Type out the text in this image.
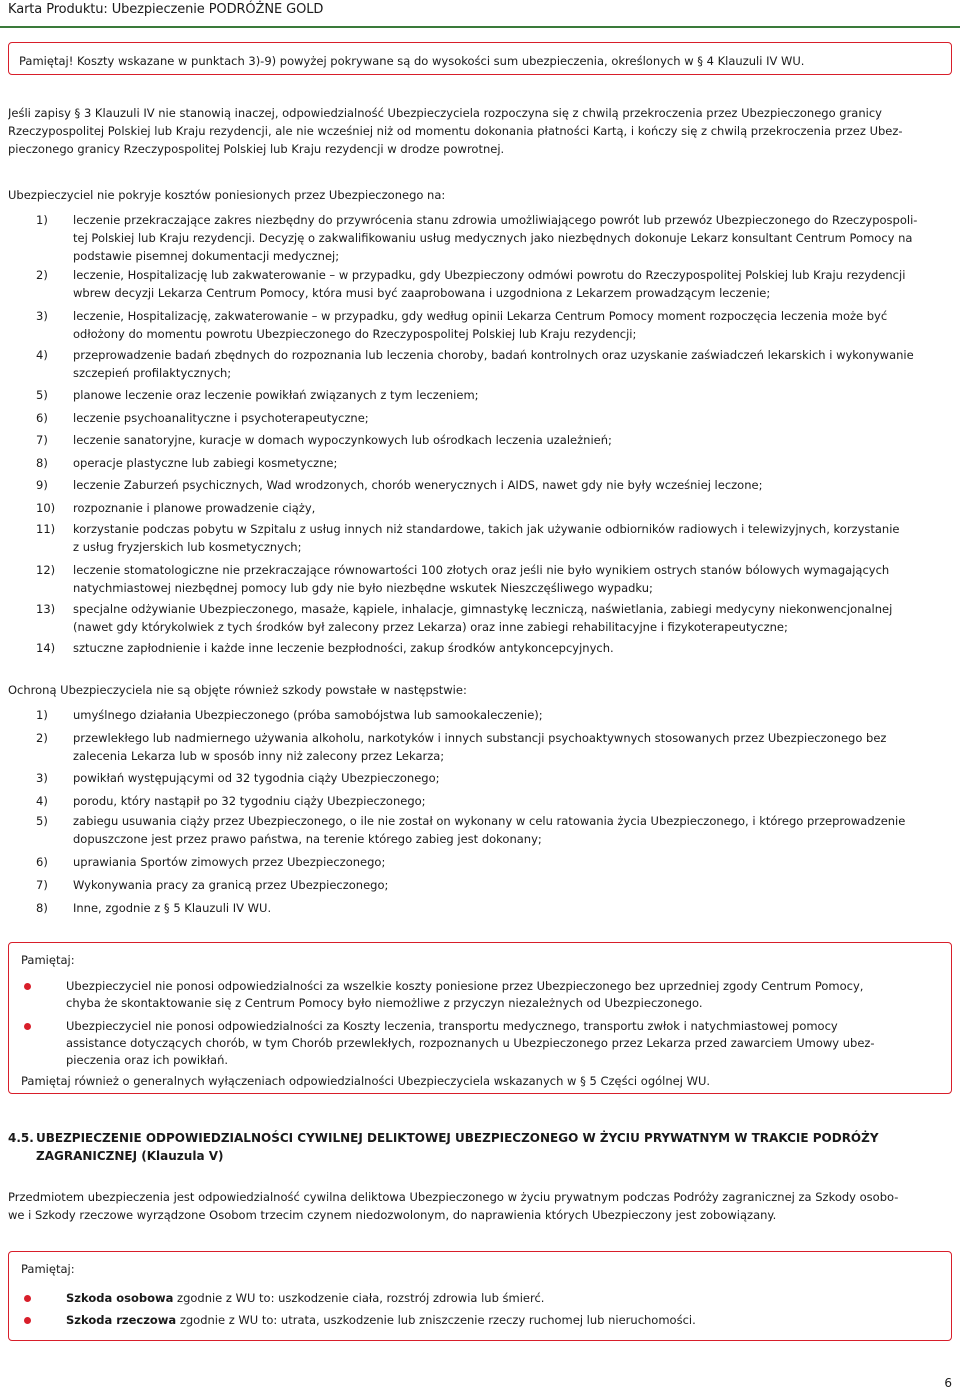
Karta Produktu: Ubezpieczenie PODRÓŻNE GOLD
Pamiętaj! Koszty wskazane w punktach 3)-9) powyżej pokrywane są do wysokości sum ubezpieczenia, określonych w § 4 Klauzuli IV WU.
Jeśli zapisy § 3 Klauzuli IV nie stanowią inaczej, odpowiedzialność Ubezpieczyciela rozpoczyna się z chwilą przekroczenia przez Ubezpieczonego granicy
Rzeczypospolitej Polskiej lub Kraju rezydencji, ale nie wcześniej niż od momentu dokonania płatności Kartą, i kończy się z chwilą przekroczenia przez Ubez-
pieczonego granicy Rzeczypospolitej Polskiej lub Kraju rezydencji w drodze powrotnej.
Ubezpieczyciel nie pokryje kosztów poniesionych przez Ubezpieczonego na:
1)	leczenie przekraczające zakres niezbędny do przywrócenia stanu zdrowia umożliwiającego powrót lub przewóz Ubezpieczonego do Rzeczypospoli-
tej Polskiej lub Kraju rezydencji. Decyzję o zakwalifikowaniu usług medycznych jako niezbędnych dokonuje Lekarz konsultant Centrum Pomocy na
podstawie pisemnej dokumentacji medycznej;
2)	leczenie, Hospitalizację lub zakwaterowanie – w przypadku, gdy Ubezpieczony odmówi powrotu do Rzeczypospolitej Polskiej lub Kraju rezydencji
wbrew decyzji Lekarza Centrum Pomocy, która musi być zaaprobowana i uzgodniona z Lekarzem prowadzącym leczenie;
3)	leczenie, Hospitalizację, zakwaterowanie – w przypadku, gdy według opinii Lekarza Centrum Pomocy moment rozpoczęcia leczenia może być
odłożony do momentu powrotu Ubezpieczonego do Rzeczypospolitej Polskiej lub Kraju rezydencji;
4)	przeprowadzenie badań zbędnych do rozpoznania lub leczenia choroby, badań kontrolnych oraz uzyskanie zaświadczeń lekarskich i wykonywanie
szczepień profilaktycznych;
5)	planowe leczenie oraz leczenie powikłań związanych z tym leczeniem;
6)	leczenie psychoanalityczne i psychoterapeutyczne;
7)	leczenie sanatoryjne, kuracje w domach wypoczynkowych lub ośrodkach leczenia uzależnień;
8)	operacje plastyczne lub zabiegi kosmetyczne;
9)	leczenie Zaburzeń psychicznych, Wad wrodzonych, chorób wenerycznych i AIDS, nawet gdy nie były wcześniej leczone;
10)	rozpoznanie i planowe prowadzenie ciąży,
11)	korzystanie podczas pobytu w Szpitalu z usług innych niż standardowe, takich jak używanie odbiorników radiowych i telewizyjnych, korzystanie
z usług fryzjerskich lub kosmetycznych;
12)	leczenie stomatologiczne nie przekraczające równowartości 100 złotych oraz jeśli nie było wynikiem ostrych stanów bólowych wymagających
natychmiastowej niezbędnej pomocy lub gdy nie było niezbędne wskutek Nieszczęśliwego wypadku;
13)	specjalne odżywianie Ubezpieczonego, masaże, kąpiele, inhalacje, gimnastykę leczniczą, naświetlania, zabiegi medycyny niekonwencjonalnej
(nawet gdy którykolwiek z tych środków był zalecony przez Lekarza) oraz inne zabiegi rehabilitacyjne i fizykoterapeutyczne;
14)	sztuczne zapłodnienie i każde inne leczenie bezpłodności, zakup środków antykoncepcyjnych.
Ochroną Ubezpieczyciela nie są objęte również szkody powstałe w następstwie:
1)	umyślnego działania Ubezpieczonego (próba samobójstwa lub samookaleczenie);
2)	przewlekłego lub nadmiernego używania alkoholu, narkotyków i innych substancji psychoaktywnych stosowanych przez Ubezpieczonego bez
zalecenia Lekarza lub w sposób inny niż zalecony przez Lekarza;
3)	powikłań występującymi od 32 tygodnia ciąży Ubezpieczonego;
4)	porodu, który nastąpił po 32 tygodniu ciąży Ubezpieczonego;
5)	zabiegu usuwania ciąży przez Ubezpieczonego, o ile nie został on wykonany w celu ratowania życia Ubezpieczonego, i którego przeprowadzenie
dopuszczone jest przez prawo państwa, na terenie którego zabieg jest dokonany;
6)	uprawiania Sportów zimowych przez Ubezpieczonego;
7)	Wykonywania pracy za granicą przez Ubezpieczonego;
8)	Inne, zgodnie z § 5 Klauzuli IV WU.
Pamiętaj:
Ubezpieczyciel nie ponosi odpowiedzialności za wszelkie koszty poniesione przez Ubezpieczonego bez uprzedniej zgody Centrum Pomocy,
chyba że skontaktowanie się z Centrum Pomocy było niemożliwe z przyczyn niezależnych od Ubezpieczonego.
Ubezpieczyciel nie ponosi odpowiedzialności za Koszty leczenia, transportu medycznego, transportu zwłok i natychmiastowej pomocy
assistance dotyczących chorób, w tym Chorób przewlekłych, rozpoznanych u Ubezpieczonego przez Lekarza przed zawarciem Umowy ubez-
pieczenia oraz ich powikłań.
Pamiętaj również o generalnych wyłączeniach odpowiedzialności Ubezpieczyciela wskazanych w § 5 Części ogólnej WU.
4.5. UBEZPIECZENIE ODPOWIEDZIALNOŚCI CYWILNEJ DELIKTOWEJ UBEZPIECZONEGO W ŻYCIU PRYWATNYM W TRAKCIE PODRÓŻY
ZAGRANICZNEJ (Klauzula V)
Przedmiotem ubezpieczenia jest odpowiedzialność cywilna deliktowa Ubezpieczonego w życiu prywatnym podczas Podróży zagranicznej za Szkody osobo-
we i Szkody rzeczowe wyrządzone Osobom trzecim czynem niedozwolonym, do naprawienia których Ubezpieczony jest zobowiązany.
Pamiętaj:
Szkoda osobowa zgodnie z WU to: uszkodzenie ciała, rozstrój zdrowia lub śmierć.
Szkoda rzeczowa zgodnie z WU to: utrata, uszkodzenie lub zniszczenie rzeczy ruchomej lub nieruchomości.
6
